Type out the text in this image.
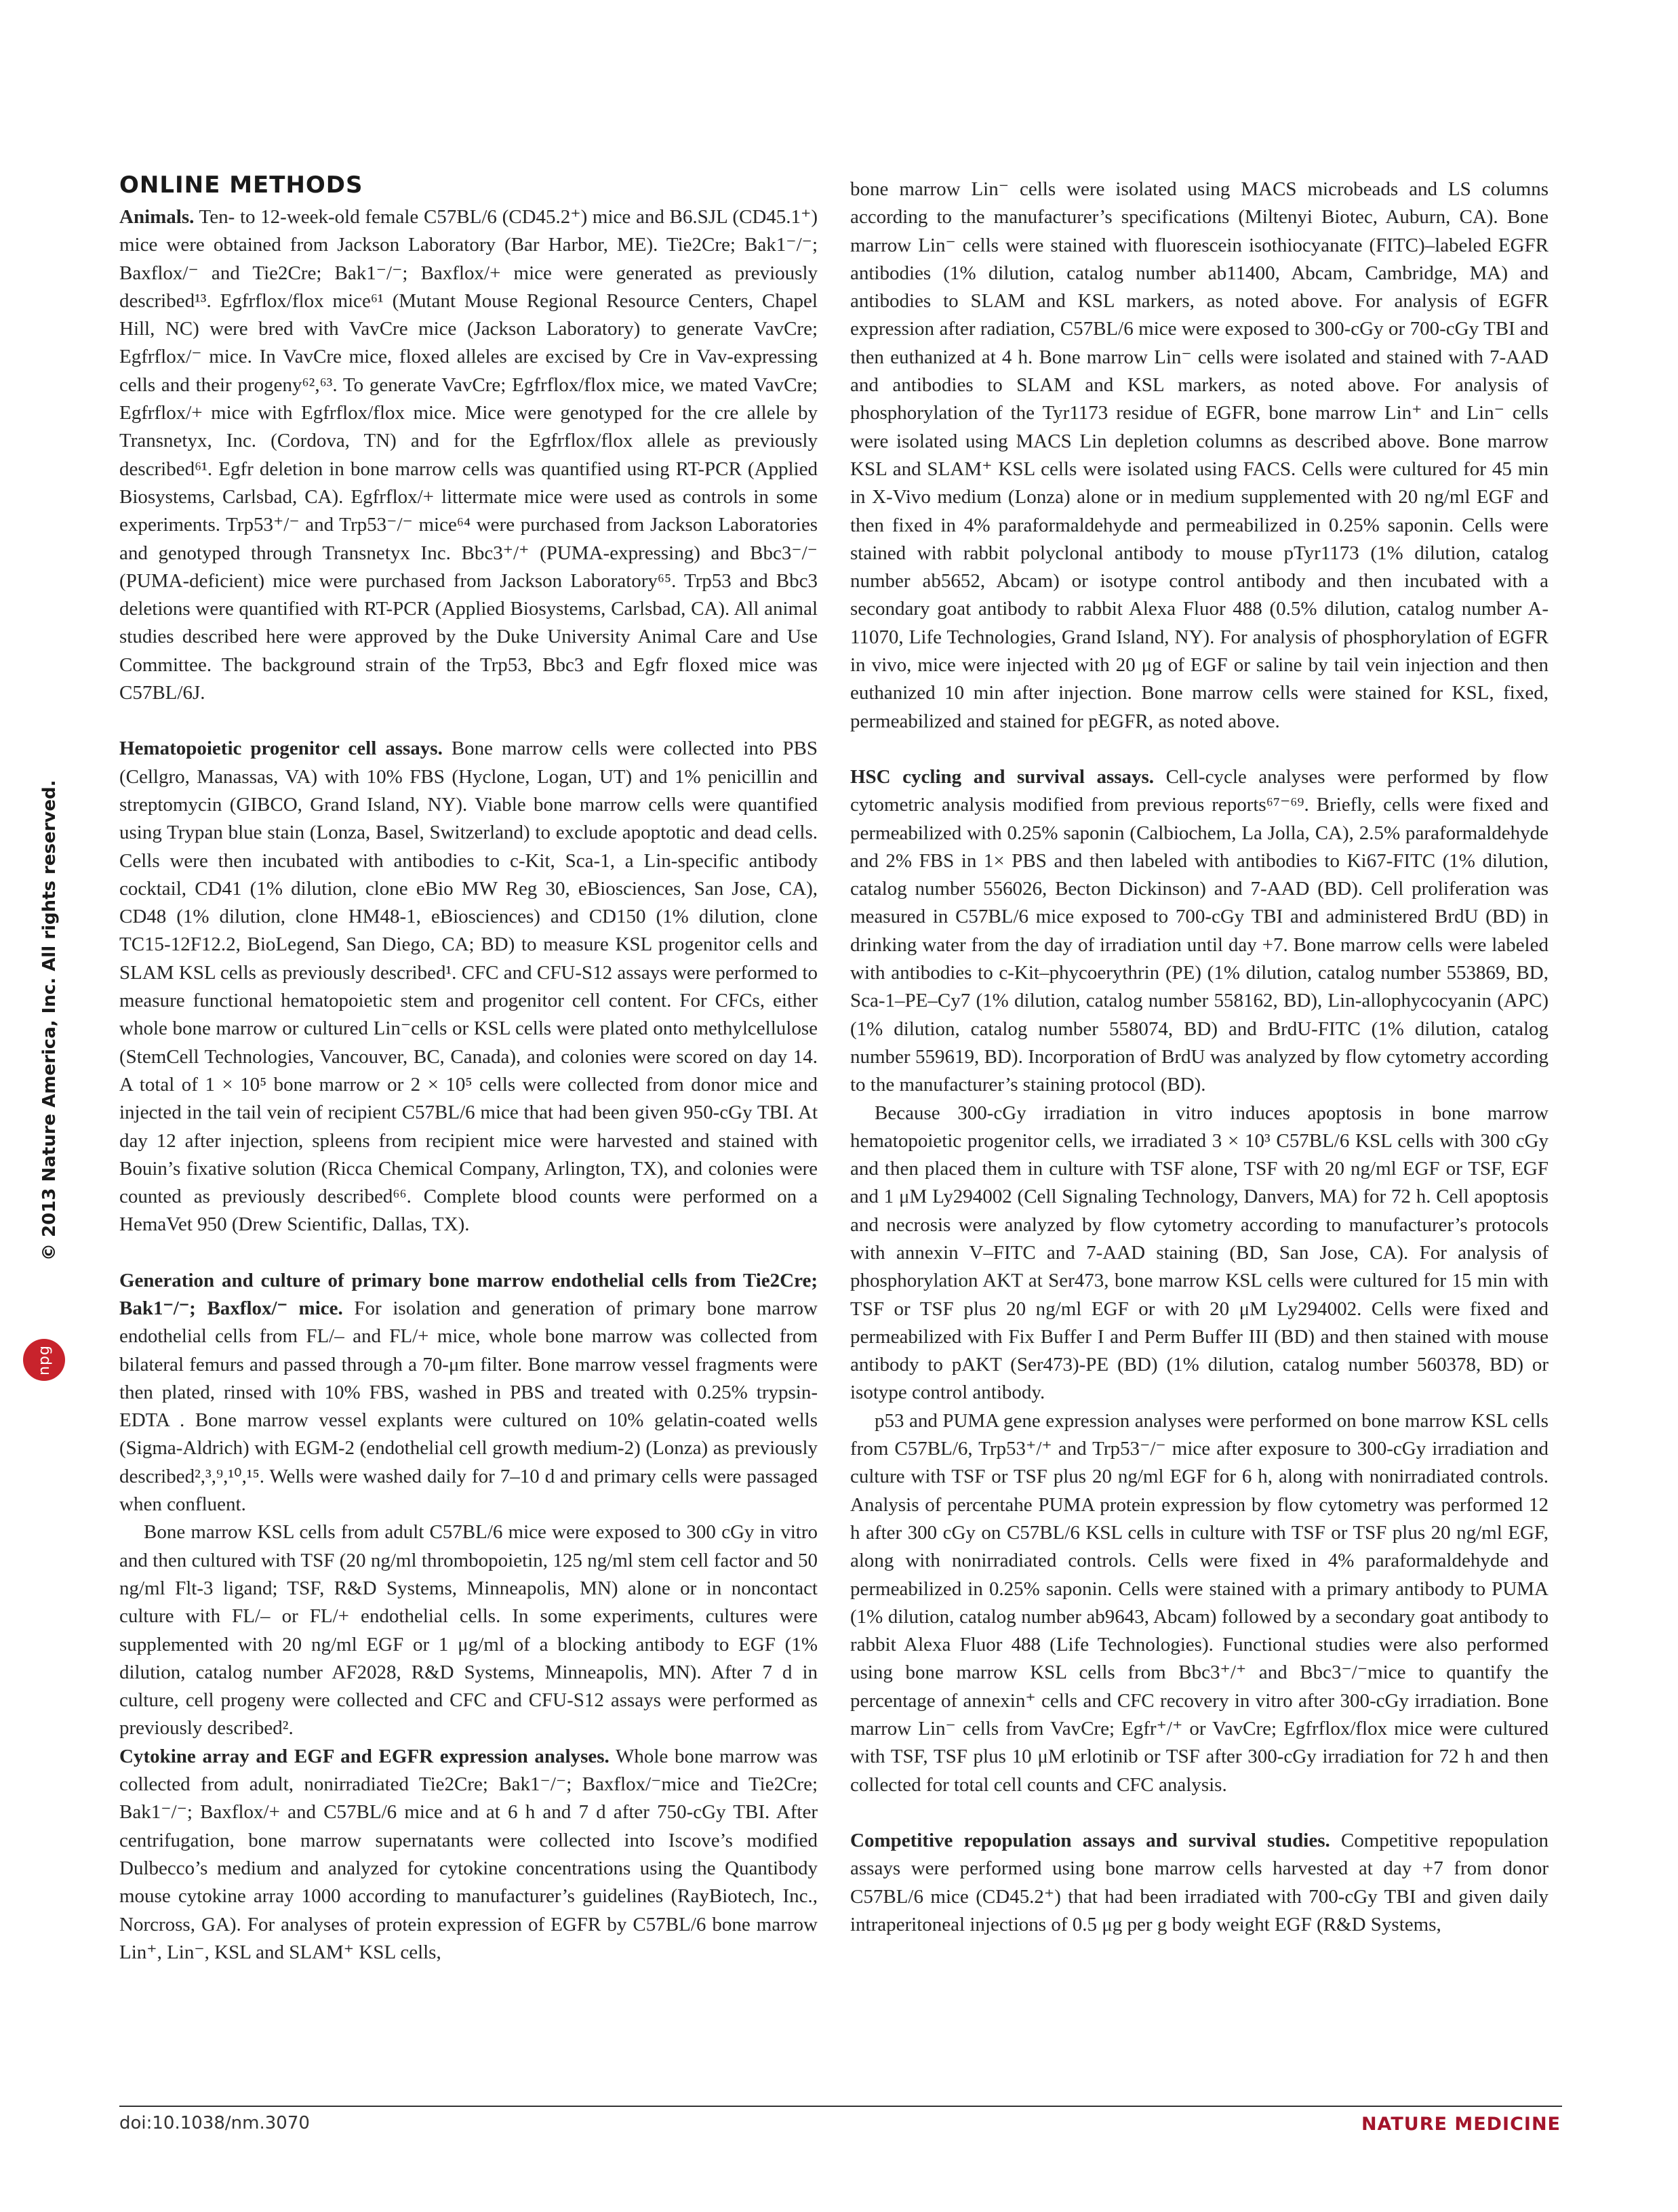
ONLINE METHODS

Animals. Ten- to 12-week-old female C57BL/6 (CD45.2⁺) mice and B6.SJL (CD45.1⁺) mice were obtained from Jackson Laboratory (Bar Harbor, ME). Tie2Cre; Bak1⁻/⁻; Baxflox/⁻ and Tie2Cre; Bak1⁻/⁻; Baxflox/+ mice were generated as previously described¹³. Egfrflox/flox mice⁶¹ (Mutant Mouse Regional Resource Centers, Chapel Hill, NC) were bred with VavCre mice (Jackson Laboratory) to generate VavCre; Egfrflox/⁻ mice. In VavCre mice, floxed alleles are excised by Cre in Vav-expressing cells and their progeny⁶²,⁶³. To generate VavCre; Egfrflox/flox mice, we mated VavCre; Egfrflox/+ mice with Egfrflox/flox mice. Mice were genotyped for the cre allele by Transnetyx, Inc. (Cordova, TN) and for the Egfrflox/flox allele as previously described⁶¹. Egfr deletion in bone marrow cells was quantified using RT-PCR (Applied Biosystems, Carlsbad, CA). Egfrflox/+ littermate mice were used as controls in some experiments. Trp53⁺/⁻ and Trp53⁻/⁻ mice⁶⁴ were purchased from Jackson Laboratories and genotyped through Transnetyx Inc. Bbc3⁺/⁺ (PUMA-expressing) and Bbc3⁻/⁻ (PUMA-deficient) mice were purchased from Jackson Laboratory⁶⁵. Trp53 and Bbc3 deletions were quantified with RT-PCR (Applied Biosystems, Carlsbad, CA). All animal studies described here were approved by the Duke University Animal Care and Use Committee. The background strain of the Trp53, Bbc3 and Egfr floxed mice was C57BL/6J.

Hematopoietic progenitor cell assays. Bone marrow cells were collected into PBS (Cellgro, Manassas, VA) with 10% FBS (Hyclone, Logan, UT) and 1% penicillin and streptomycin (GIBCO, Grand Island, NY). Viable bone marrow cells were quantified using Trypan blue stain (Lonza, Basel, Switzerland) to exclude apoptotic and dead cells. Cells were then incubated with antibodies to c-Kit, Sca-1, a Lin-specific antibody cocktail, CD41 (1% dilution, clone eBio MW Reg 30, eBiosciences, San Jose, CA), CD48 (1% dilution, clone HM48-1, eBiosciences) and CD150 (1% dilution, clone TC15-12F12.2, BioLegend, San Diego, CA; BD) to measure KSL progenitor cells and SLAM KSL cells as previously described¹. CFC and CFU-S12 assays were performed to measure functional hematopoietic stem and progenitor cell content. For CFCs, either whole bone marrow or cultured Lin⁻cells or KSL cells were plated onto methylcellulose (StemCell Technologies, Vancouver, BC, Canada), and colonies were scored on day 14. A total of 1 × 10⁵ bone marrow or 2 × 10⁵ cells were collected from donor mice and injected in the tail vein of recipient C57BL/6 mice that had been given 950-cGy TBI. At day 12 after injection, spleens from recipient mice were harvested and stained with Bouin’s fixative solution (Ricca Chemical Company, Arlington, TX), and colonies were counted as previously described⁶⁶. Complete blood counts were performed on a HemaVet 950 (Drew Scientific, Dallas, TX).

Generation and culture of primary bone marrow endothelial cells from Tie2Cre; Bak1⁻/⁻; Baxflox/⁻ mice. For isolation and generation of primary bone marrow endothelial cells from FL/– and FL/+ mice, whole bone marrow was collected from bilateral femurs and passed through a 70-μm filter. Bone marrow vessel fragments were then plated, rinsed with 10% FBS, washed in PBS and treated with 0.25% trypsin-EDTA . Bone marrow vessel explants were cultured on 10% gelatin-coated wells (Sigma-Aldrich) with EGM-2 (endothelial cell growth medium-2) (Lonza) as previously described²,³,⁹,¹⁰,¹⁵. Wells were washed daily for 7–10 d and primary cells were passaged when confluent.

Bone marrow KSL cells from adult C57BL/6 mice were exposed to 300 cGy in vitro and then cultured with TSF (20 ng/ml thrombopoietin, 125 ng/ml stem cell factor and 50 ng/ml Flt-3 ligand; TSF, R&D Systems, Minneapolis, MN) alone or in noncontact culture with FL/– or FL/+ endothelial cells. In some experiments, cultures were supplemented with 20 ng/ml EGF or 1 μg/ml of a blocking antibody to EGF (1% dilution, catalog number AF2028, R&D Systems, Minneapolis, MN). After 7 d in culture, cell progeny were collected and CFC and CFU-S12 assays were performed as previously described².

Cytokine array and EGF and EGFR expression analyses. Whole bone marrow was collected from adult, nonirradiated Tie2Cre; Bak1⁻/⁻; Baxflox/⁻mice and Tie2Cre; Bak1⁻/⁻; Baxflox/+ and C57BL/6 mice and at 6 h and 7 d after 750-cGy TBI. After centrifugation, bone marrow supernatants were collected into Iscove’s modified Dulbecco’s medium and analyzed for cytokine concentrations using the Quantibody mouse cytokine array 1000 according to manufacturer’s guidelines (RayBiotech, Inc., Norcross, GA). For analyses of protein expression of EGFR by C57BL/6 bone marrow Lin⁺, Lin⁻, KSL and SLAM⁺ KSL cells,

bone marrow Lin⁻ cells were isolated using MACS microbeads and LS columns according to the manufacturer’s specifications (Miltenyi Biotec, Auburn, CA). Bone marrow Lin⁻ cells were stained with fluorescein isothiocyanate (FITC)–labeled EGFR antibodies (1% dilution, catalog number ab11400, Abcam, Cambridge, MA) and antibodies to SLAM and KSL markers, as noted above. For analysis of EGFR expression after radiation, C57BL/6 mice were exposed to 300-cGy or 700-cGy TBI and then euthanized at 4 h. Bone marrow Lin⁻ cells were isolated and stained with 7-AAD and antibodies to SLAM and KSL markers, as noted above. For analysis of phosphorylation of the Tyr1173 residue of EGFR, bone marrow Lin⁺ and Lin⁻ cells were isolated using MACS Lin depletion columns as described above. Bone marrow KSL and SLAM⁺ KSL cells were isolated using FACS. Cells were cultured for 45 min in X-Vivo medium (Lonza) alone or in medium supplemented with 20 ng/ml EGF and then fixed in 4% paraformaldehyde and permeabilized in 0.25% saponin. Cells were stained with rabbit polyclonal antibody to mouse pTyr1173 (1% dilution, catalog number ab5652, Abcam) or isotype control antibody and then incubated with a secondary goat antibody to rabbit Alexa Fluor 488 (0.5% dilution, catalog number A-11070, Life Technologies, Grand Island, NY). For analysis of phosphorylation of EGFR in vivo, mice were injected with 20 μg of EGF or saline by tail vein injection and then euthanized 10 min after injection. Bone marrow cells were stained for KSL, fixed, permeabilized and stained for pEGFR, as noted above.

HSC cycling and survival assays. Cell-cycle analyses were performed by flow cytometric analysis modified from previous reports⁶⁷⁻⁶⁹. Briefly, cells were fixed and permeabilized with 0.25% saponin (Calbiochem, La Jolla, CA), 2.5% paraformaldehyde and 2% FBS in 1× PBS and then labeled with antibodies to Ki67-FITC (1% dilution, catalog number 556026, Becton Dickinson) and 7-AAD (BD). Cell proliferation was measured in C57BL/6 mice exposed to 700-cGy TBI and administered BrdU (BD) in drinking water from the day of irradiation until day +7. Bone marrow cells were labeled with antibodies to c-Kit–phycoerythrin (PE) (1% dilution, catalog number 553869, BD, Sca-1–PE–Cy7 (1% dilution, catalog number 558162, BD), Lin-allophycocyanin (APC) (1% dilution, catalog number 558074, BD) and BrdU-FITC (1% dilution, catalog number 559619, BD). Incorporation of BrdU was analyzed by flow cytometry according to the manufacturer’s staining protocol (BD).

Because 300-cGy irradiation in vitro induces apoptosis in bone marrow hematopoietic progenitor cells, we irradiated 3 × 10³ C57BL/6 KSL cells with 300 cGy and then placed them in culture with TSF alone, TSF with 20 ng/ml EGF or TSF, EGF and 1 μM Ly294002 (Cell Signaling Technology, Danvers, MA) for 72 h. Cell apoptosis and necrosis were analyzed by flow cytometry according to manufacturer’s protocols with annexin V–FITC and 7-AAD staining (BD, San Jose, CA). For analysis of phosphorylation AKT at Ser473, bone marrow KSL cells were cultured for 15 min with TSF or TSF plus 20 ng/ml EGF or with 20 μM Ly294002. Cells were fixed and permeabilized with Fix Buffer I and Perm Buffer III (BD) and then stained with mouse antibody to pAKT (Ser473)-PE (BD) (1% dilution, catalog number 560378, BD) or isotype control antibody.

p53 and PUMA gene expression analyses were performed on bone marrow KSL cells from C57BL/6, Trp53⁺/⁺ and Trp53⁻/⁻ mice after exposure to 300-cGy irradiation and culture with TSF or TSF plus 20 ng/ml EGF for 6 h, along with nonirradiated controls. Analysis of percentahe PUMA protein expression by flow cytometry was performed 12 h after 300 cGy on C57BL/6 KSL cells in culture with TSF or TSF plus 20 ng/ml EGF, along with nonirradiated controls. Cells were fixed in 4% paraformaldehyde and permeabilized in 0.25% saponin. Cells were stained with a primary antibody to PUMA (1% dilution, catalog number ab9643, Abcam) followed by a secondary goat antibody to rabbit Alexa Fluor 488 (Life Technologies). Functional studies were also performed using bone marrow KSL cells from Bbc3⁺/⁺ and Bbc3⁻/⁻mice to quantify the percentage of annexin⁺ cells and CFC recovery in vitro after 300-cGy irradiation. Bone marrow Lin⁻ cells from VavCre; Egfr⁺/⁺ or VavCre; Egfrflox/flox mice were cultured with TSF, TSF plus 10 μM erlotinib or TSF after 300-cGy irradiation for 72 h and then collected for total cell counts and CFC analysis.

Competitive repopulation assays and survival studies. Competitive repopulation assays were performed using bone marrow cells harvested at day +7 from donor C57BL/6 mice (CD45.2⁺) that had been irradiated with 700-cGy TBI and given daily intraperitoneal injections of 0.5 μg per g body weight EGF (R&D Systems,

© 2013 Nature America, Inc. All rights reserved.
npg
doi:10.1038/nm.3070	NATURE MEDICINE
